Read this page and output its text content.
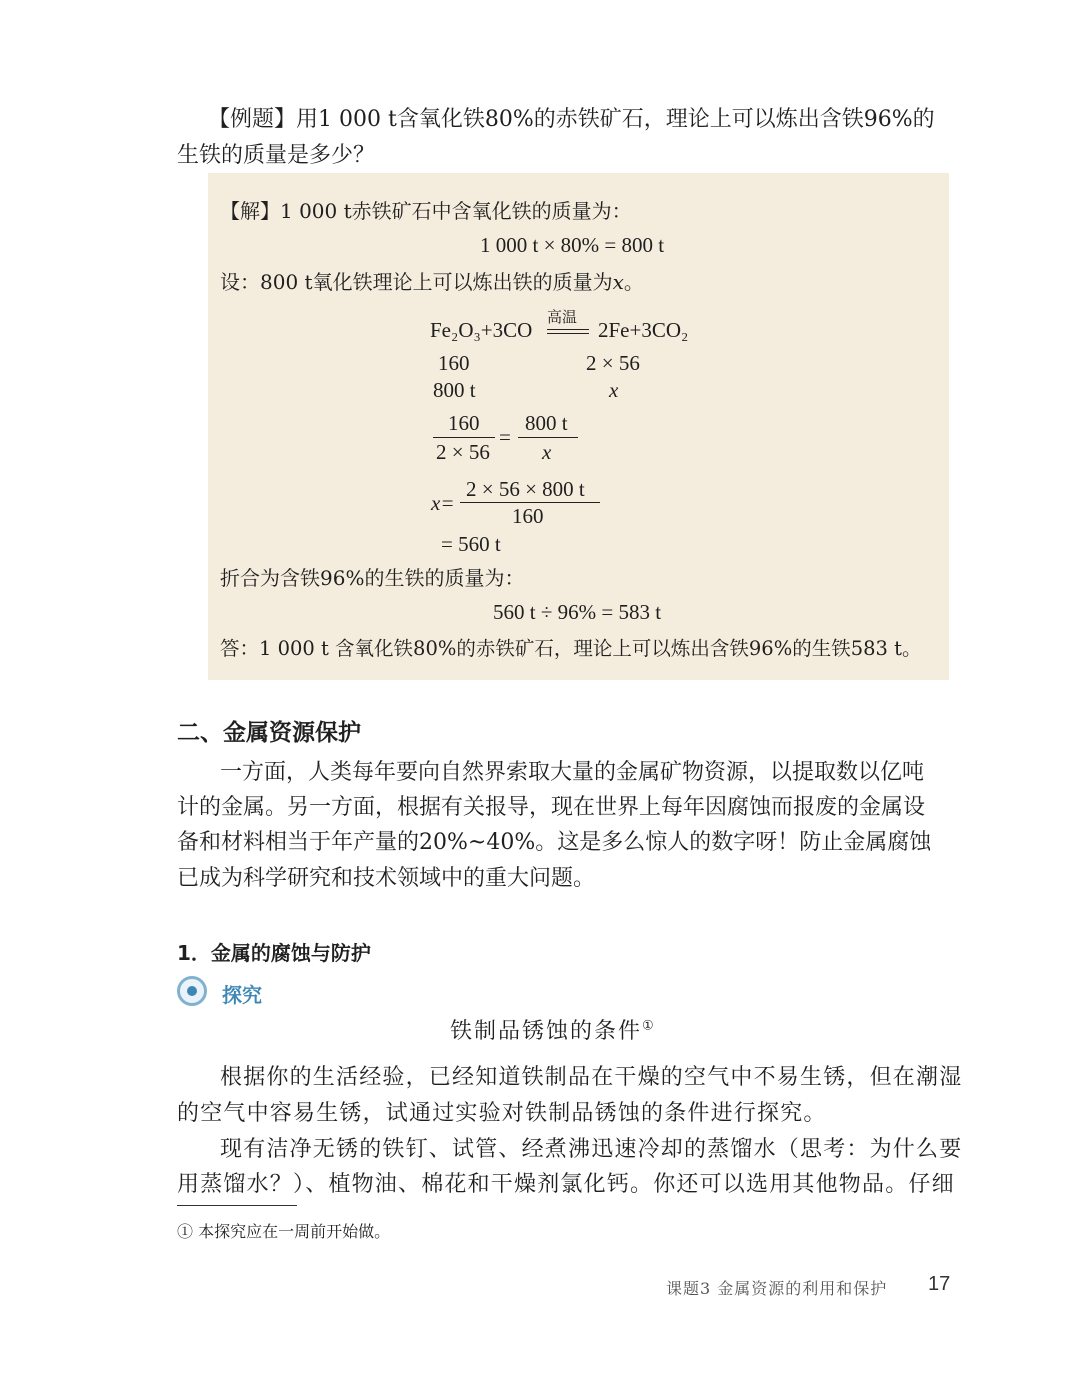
【例题】用1 000 t含氧化铁80%的赤铁矿石，理论上可以炼出含铁96%的
生铁的质量是多少？
【解】1 000 t赤铁矿石中含氧化铁的质量为：
1 000 t × 80% = 800 t
设：800 t氧化铁理论上可以炼出铁的质量为x。
Fe₂O₃+3CO
高温
2Fe+3CO₂
160	2 × 56
800 t	x
160
2 × 56
=
800 t
x
x=
2 × 56 × 800 t
160
= 560 t
折合为含铁96%的生铁的质量为：
560 t ÷ 96% = 583 t
答：1 000 t 含氧化铁80%的赤铁矿石，理论上可以炼出含铁96%的生铁583 t。
二、金属资源保护
一方面，人类每年要向自然界索取大量的金属矿物资源，以提取数以亿吨
计的金属。另一方面，根据有关报导，现在世界上每年因腐蚀而报废的金属设
备和材料相当于年产量的20%~40%。这是多么惊人的数字呀！防止金属腐蚀
已成为科学研究和技术领域中的重大问题。
1．金属的腐蚀与防护
探究
铁制品锈蚀的条件①
根据你的生活经验，已经知道铁制品在干燥的空气中不易生锈，但在潮湿
的空气中容易生锈，试通过实验对铁制品锈蚀的条件进行探究。
现有洁净无锈的铁钉、试管、经煮沸迅速冷却的蒸馏水（思考：为什么要
用蒸馏水？）、植物油、棉花和干燥剂氯化钙。你还可以选用其他物品。仔细
① 本探究应在一周前开始做。
课题3 金属资源的利用和保护 17
